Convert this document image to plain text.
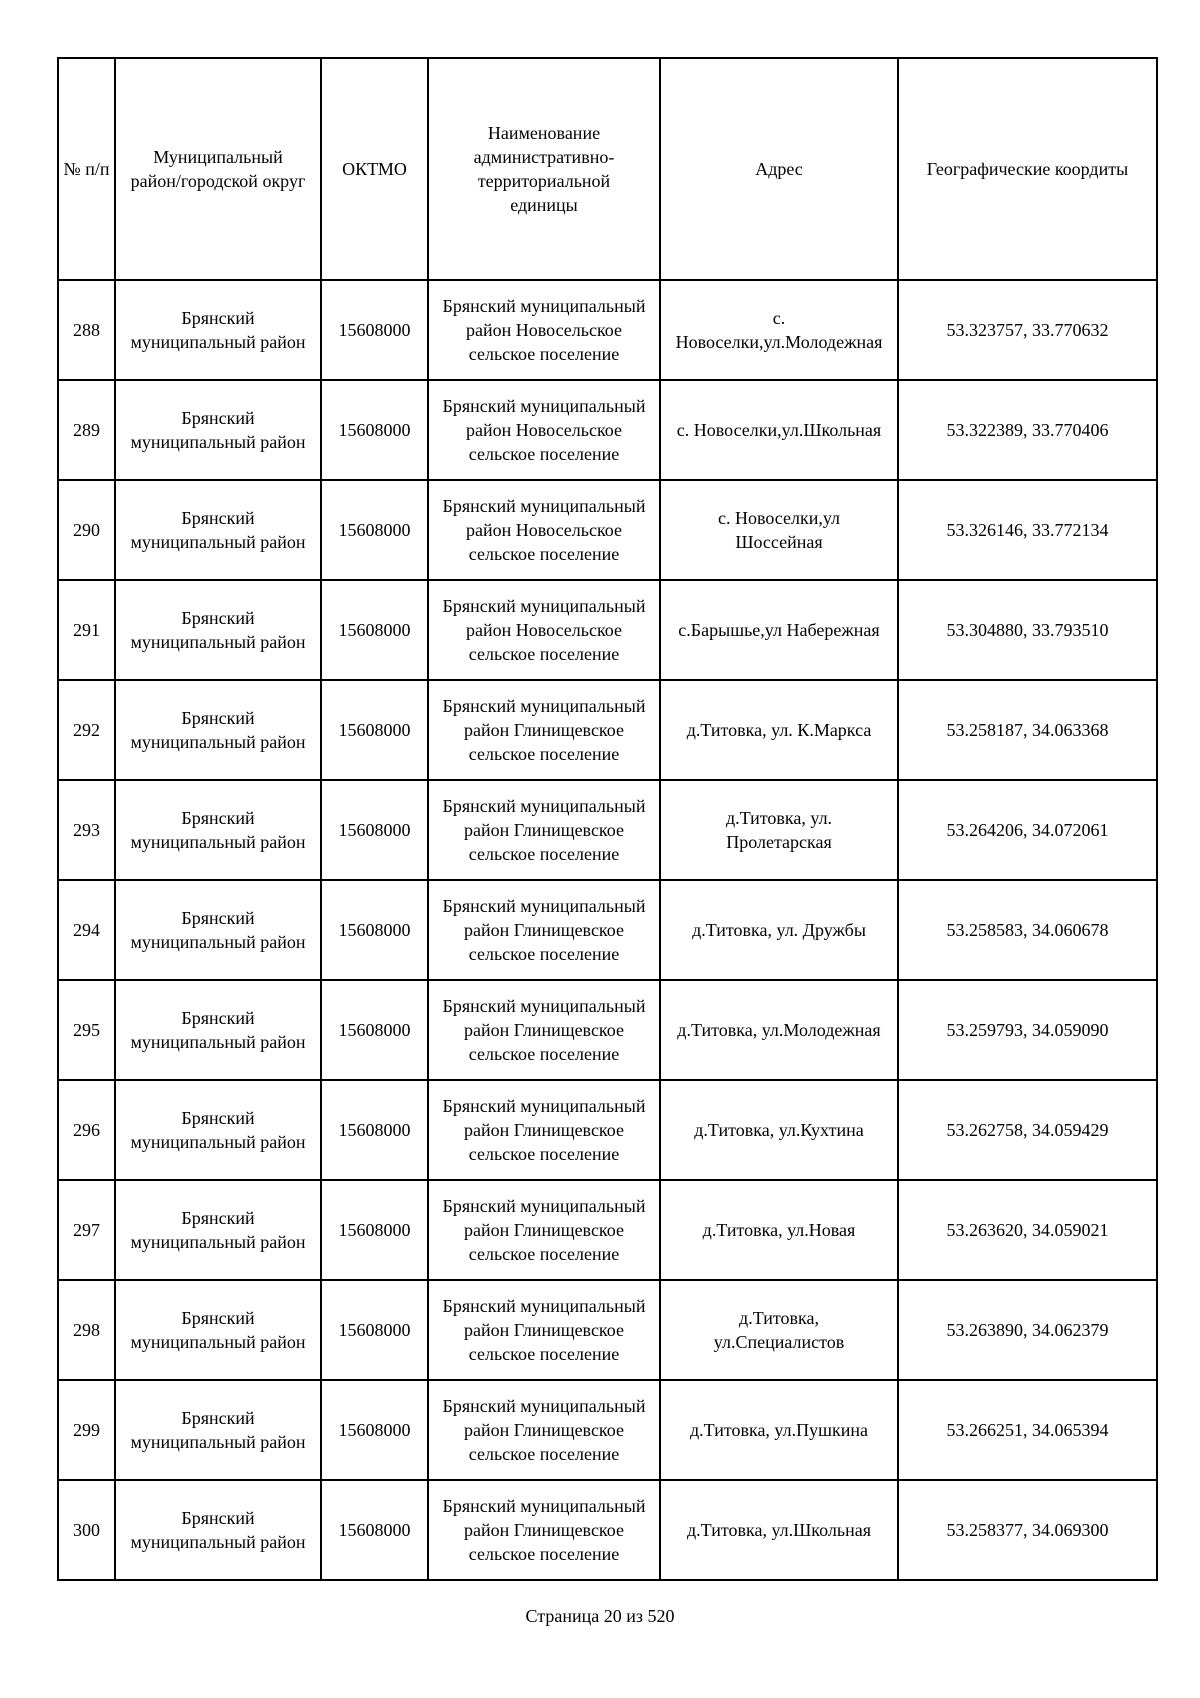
№ п/п	Муниципальный
район/городской округ	ОКТМО	Наименование
административно-
территориальной
единицы	Адрес	Географические коордиты

288	Брянский
муниципальный район	15608000	Брянский муниципальный
район Новосельское
сельское поселение	с.
Новоселки,ул.Молодежная	53.323757, 33.770632

289	Брянский
муниципальный район	15608000	Брянский муниципальный
район Новосельское
сельское поселение	с. Новоселки,ул.Школьная	53.322389, 33.770406

290	Брянский
муниципальный район	15608000	Брянский муниципальный
район Новосельское
сельское поселение	с. Новоселки,ул
Шоссейная	53.326146, 33.772134

291	Брянский
муниципальный район	15608000	Брянский муниципальный
район Новосельское
сельское поселение	с.Барышье,ул Набережная	53.304880, 33.793510

292	Брянский
муниципальный район	15608000	Брянский муниципальный
район Глинищевское
сельское поселение	д.Титовка, ул. К.Маркса	53.258187, 34.063368

293	Брянский
муниципальный район	15608000	Брянский муниципальный
район Глинищевское
сельское поселение	д.Титовка, ул.
Пролетарская	53.264206, 34.072061

294	Брянский
муниципальный район	15608000	Брянский муниципальный
район Глинищевское
сельское поселение	д.Титовка, ул. Дружбы	53.258583, 34.060678

295	Брянский
муниципальный район	15608000	Брянский муниципальный
район Глинищевское
сельское поселение	д.Титовка, ул.Молодежная	53.259793, 34.059090

296	Брянский
муниципальный район	15608000	Брянский муниципальный
район Глинищевское
сельское поселение	д.Титовка, ул.Кухтина	53.262758, 34.059429

297	Брянский
муниципальный район	15608000	Брянский муниципальный
район Глинищевское
сельское поселение	д.Титовка, ул.Новая	53.263620, 34.059021

298	Брянский
муниципальный район	15608000	Брянский муниципальный
район Глинищевское
сельское поселение	д.Титовка,
ул.Специалистов	53.263890, 34.062379

299	Брянский
муниципальный район	15608000	Брянский муниципальный
район Глинищевское
сельское поселение	д.Титовка, ул.Пушкина	53.266251, 34.065394

300	Брянский
муниципальный район	15608000	Брянский муниципальный
район Глинищевское
сельское поселение	д.Титовка, ул.Школьная	53.258377, 34.069300
Страница 20 из 520
